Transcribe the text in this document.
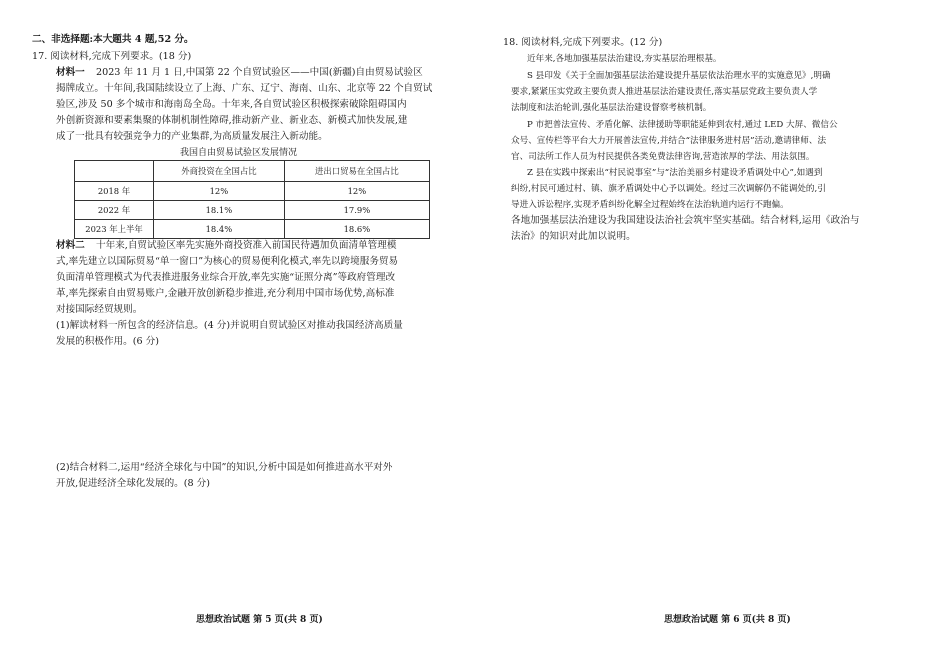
二、非选择题:本大题共 4 题,52 分。
17. 阅读材料,完成下列要求。(18 分)
材料一 2023 年 11 月 1 日,中国第 22 个自贸试验区——中国(新疆)自由贸易试验区
揭牌成立。十年间,我国陆续设立了上海、广东、辽宁、海南、山东、北京等 22 个自贸试
验区,涉及 50 多个城市和海南岛全岛。十年来,各自贸试验区积极探索破除阻碍国内
外创新资源和要素集聚的体制机制性障碍,推动新产业、新业态、新模式加快发展,建
成了一批具有较强竞争力的产业集群,为高质量发展注入新动能。
我国自由贸易试验区发展情况
	外商投资在全国占比	进出口贸易在全国占比
2018 年	12%	12%
2022 年	18.1%	17.9%
2023 年上半年	18.4%	18.6%
材料二 十年来,自贸试验区率先实施外商投资准入前国民待遇加负面清单管理模
式,率先建立以国际贸易“单一窗口”为核心的贸易便利化模式,率先以跨境服务贸易
负面清单管理模式为代表推进服务业综合开放,率先实施“证照分离”等政府管理改
革,率先探索自由贸易账户,金融开放创新稳步推进,充分利用中国市场优势,高标准
对接国际经贸规则。
(1)解读材料一所包含的经济信息。(4 分)并说明自贸试验区对推动我国经济高质量
发展的积极作用。(6 分)
(2)结合材料二,运用“经济全球化与中国”的知识,分析中国是如何推进高水平对外
开放,促进经济全球化发展的。(8 分)
思想政治试题 第 5 页(共 8 页)
18. 阅读材料,完成下列要求。(12 分)
近年来,各地加强基层法治建设,夯实基层治理根基。
S 县印发《关于全面加强基层法治建设提升基层依法治理水平的实施意见》,明确
要求,紧紧压实党政主要负责人推进基层法治建设责任,落实基层党政主要负责人学
法制度和法治轮训,强化基层法治建设督察考核机制。
P 市把普法宣传、矛盾化解、法律援助等职能延伸到农村,通过 LED 大屏、微信公
众号、宣传栏等平台大力开展普法宣传,并结合“法律服务进村居”活动,邀请律师、法
官、司法所工作人员为村民提供各类免费法律咨询,营造浓厚的学法、用法氛围。
Z 县在实践中探索出“村民说事室”与“法治美丽乡村建设矛盾调处中心”,如遇到
纠纷,村民可通过村、镇、旗矛盾调处中心予以调处。经过三次调解仍不能调处的,引
导进入诉讼程序,实现矛盾纠纷化解全过程始终在法治轨道内运行不跑偏。
各地加强基层法治建设为我国建设法治社会筑牢坚实基础。结合材料,运用《政治与
法治》的知识对此加以说明。
思想政治试题 第 6 页(共 8 页)
